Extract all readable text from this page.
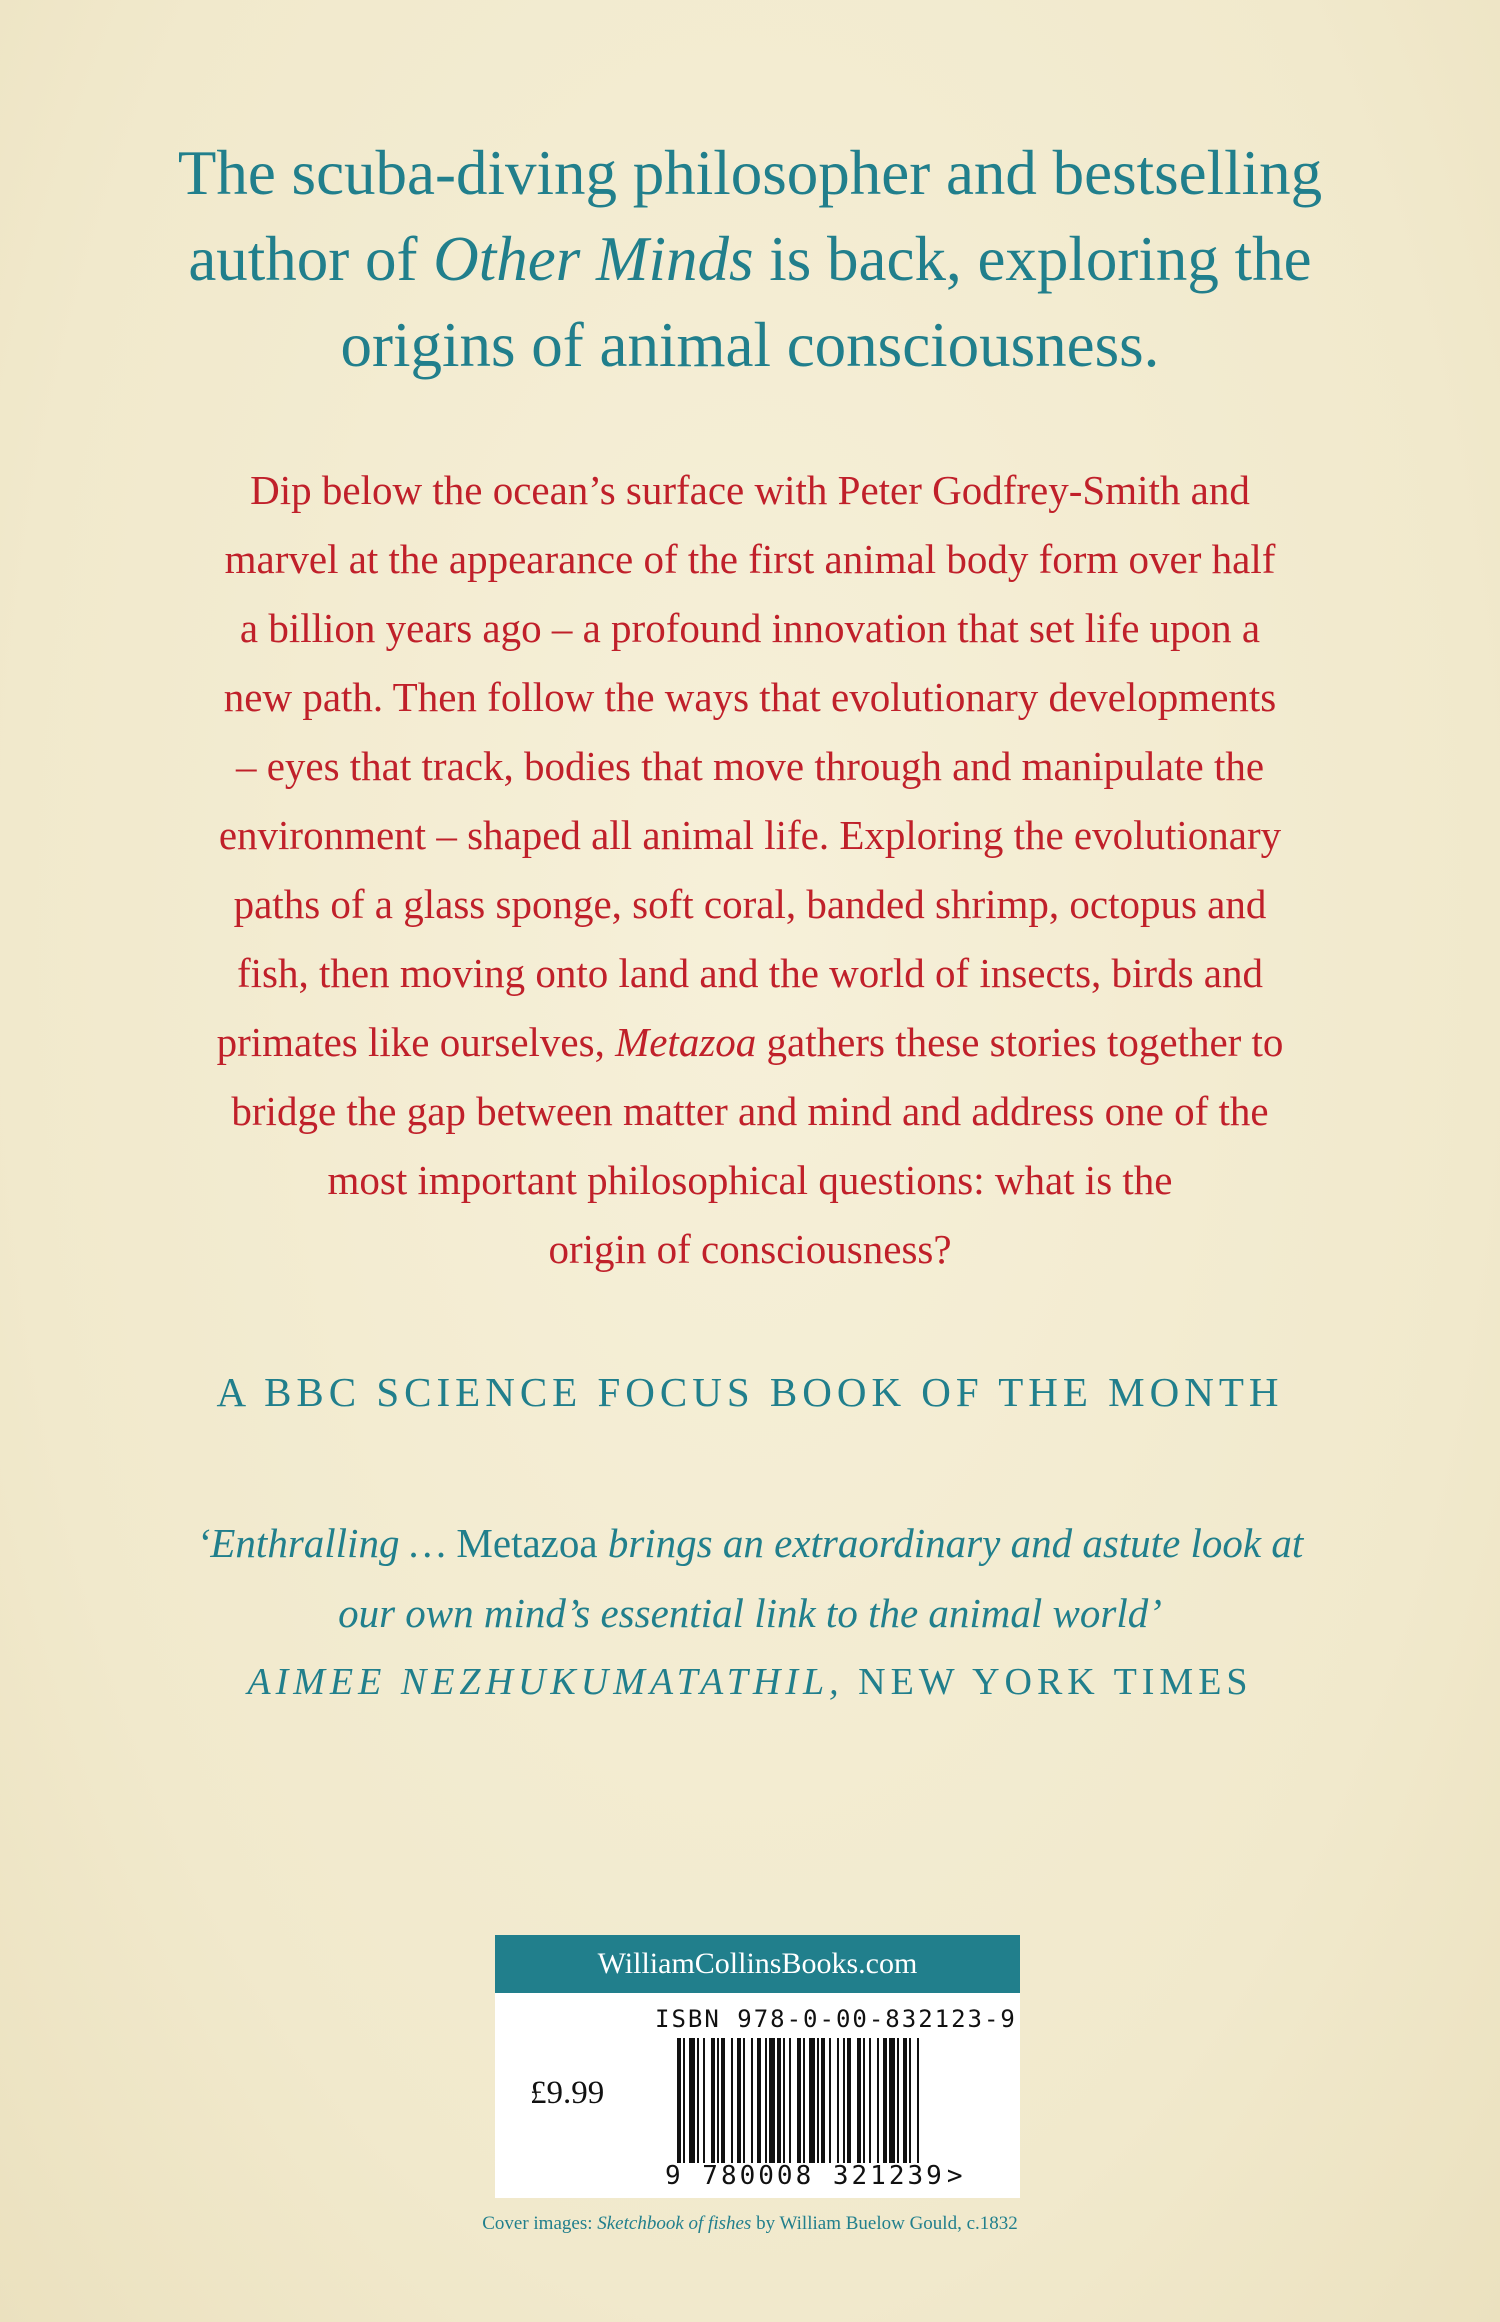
The scuba-diving philosopher and bestselling
author of Other Minds is back, exploring the
origins of animal consciousness.
Dip below the ocean’s surface with Peter Godfrey-Smith and
marvel at the appearance of the first animal body form over half
a billion years ago – a profound innovation that set life upon a
new path. Then follow the ways that evolutionary developments
– eyes that track, bodies that move through and manipulate the
environment – shaped all animal life. Exploring the evolutionary
paths of a glass sponge, soft coral, banded shrimp, octopus and
fish, then moving onto land and the world of insects, birds and
primates like ourselves, Metazoa gathers these stories together to
bridge the gap between matter and mind and address one of the
most important philosophical questions: what is the
origin of consciousness?
A BBC SCIENCE FOCUS BOOK OF THE MONTH
‘Enthralling … Metazoa brings an extraordinary and astute look at
our own mind’s essential link to the animal world’
AIMEE NEZHUKUMATATHIL, NEW YORK TIMES
WilliamCollinsBooks.com
ISBN 978-0-00-832123-9
£9.99
9 780008 321239>
Cover images: Sketchbook of fishes by William Buelow Gould, c.1832
